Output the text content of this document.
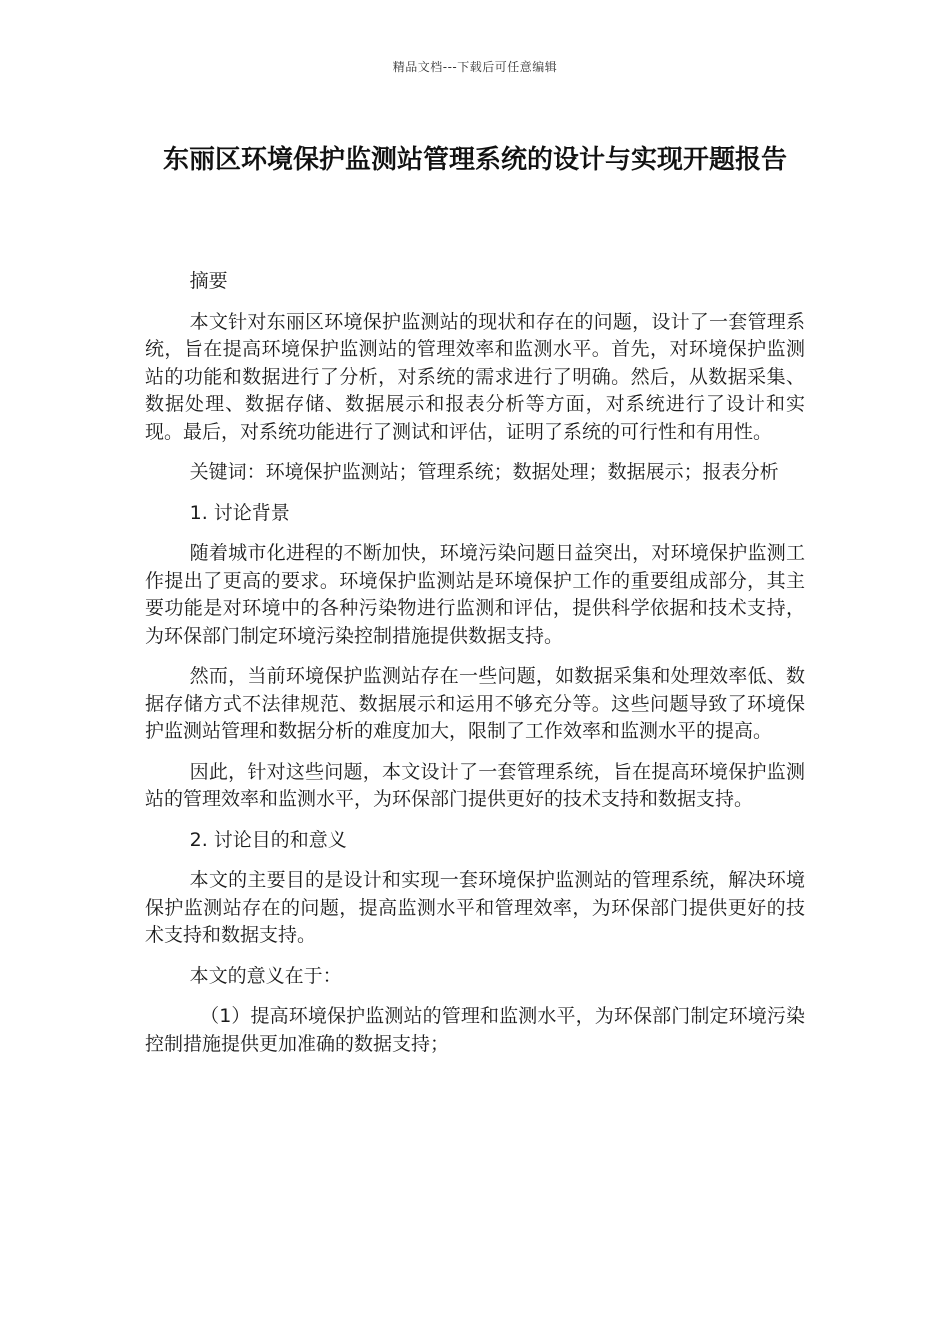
精品文档---下载后可任意编辑
东丽区环境保护监测站管理系统的设计与实现开题报告

摘要

本文针对东丽区环境保护监测站的现状和存在的问题，设计了一套管理系统，旨在提高环境保护监测站的管理效率和监测水平。首先，对环境保护监测站的功能和数据进行了分析，对系统的需求进行了明确。然后，从数据采集、数据处理、数据存储、数据展示和报表分析等方面，对系统进行了设计和实现。最后，对系统功能进行了测试和评估，证明了系统的可行性和有用性。

关键词：环境保护监测站；管理系统；数据处理；数据展示；报表分析

1. 讨论背景

随着城市化进程的不断加快，环境污染问题日益突出，对环境保护监测工作提出了更高的要求。环境保护监测站是环境保护工作的重要组成部分，其主要功能是对环境中的各种污染物进行监测和评估，提供科学依据和技术支持，为环保部门制定环境污染控制措施提供数据支持。

然而，当前环境保护监测站存在一些问题，如数据采集和处理效率低、数据存储方式不法律规范、数据展示和运用不够充分等。这些问题导致了环境保护监测站管理和数据分析的难度加大，限制了工作效率和监测水平的提高。

因此，针对这些问题，本文设计了一套管理系统，旨在提高环境保护监测站的管理效率和监测水平，为环保部门提供更好的技术支持和数据支持。

2. 讨论目的和意义

本文的主要目的是设计和实现一套环境保护监测站的管理系统，解决环境保护监测站存在的问题，提高监测水平和管理效率，为环保部门提供更好的技术支持和数据支持。

本文的意义在于：

（1）提高环境保护监测站的管理和监测水平，为环保部门制定环境污染控制措施提供更加准确的数据支持；
